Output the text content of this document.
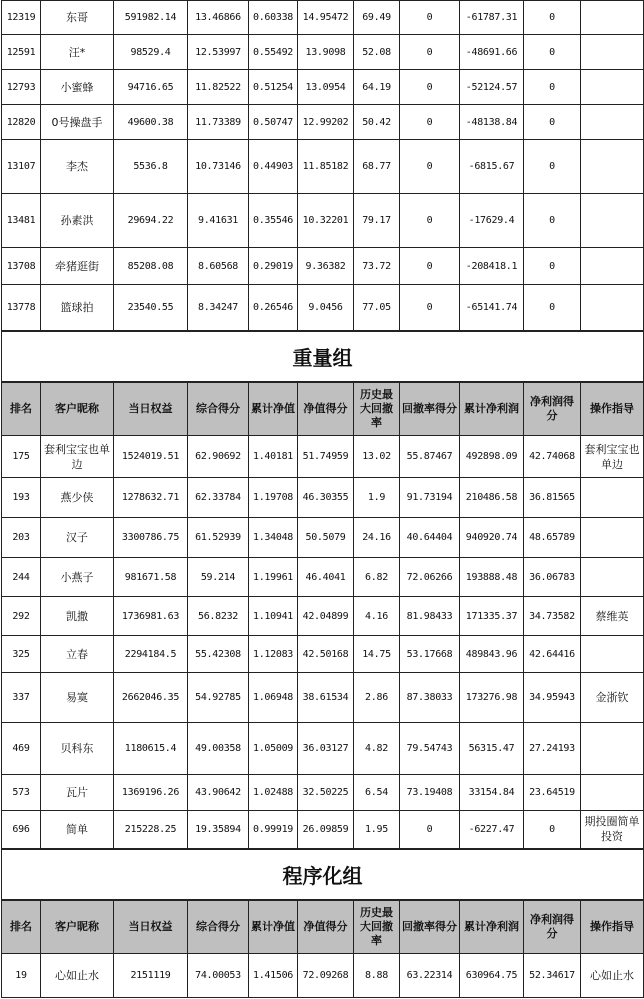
12319	东哥	591982.14	13.46866	0.60338	14.95472	69.49	0	-61787.31	0	
12591	汪*	98529.4	12.53997	0.55492	13.9098	52.08	0	-48691.66	0	
12793	小蜜蜂	94716.65	11.82522	0.51254	13.0954	64.19	0	-52124.57	0	
12820	0号操盘手	49600.38	11.73389	0.50747	12.99202	50.42	0	-48138.84	0	
13107	李杰	5536.8	10.73146	0.44903	11.85182	68.77	0	-6815.67	0	
13481	孙素洪	29694.22	9.41631	0.35546	10.32201	79.17	0	-17629.4	0	
13708	牵猪逛街	85208.08	8.60568	0.29019	9.36382	73.72	0	-208418.1	0	
13778	篮球拍	23540.55	8.34247	0.26546	9.0456	77.05	0	-65141.74	0	
重量组										
排名	客户昵称	当日权益	综合得分	累计净值	净值得分	历史最大回撤率	回撤率得分	累计净利润	净利润得分	操作指导
175	套利宝宝也单边	1524019.51	62.90692	1.40181	51.74959	13.02	55.87467	492898.09	42.74068	套利宝宝也单边
193	燕少侠	1278632.71	62.33784	1.19708	46.30355	1.9	91.73194	210486.58	36.81565	
203	汉子	3300786.75	61.52939	1.34048	50.5079	24.16	40.64404	940920.74	48.65789	
244	小燕子	981671.58	59.214	1.19961	46.4041	6.82	72.06266	193888.48	36.06783	
292	凯撒	1736981.63	56.8232	1.10941	42.04899	4.16	81.98433	171335.37	34.73582	蔡维英
325	立春	2294184.5	55.42308	1.12083	42.50168	14.75	53.17668	489843.96	42.64416	
337	易寞	2662046.35	54.92785	1.06948	38.61534	2.86	87.38033	173276.98	34.95943	金浙钦
469	贝科东	1180615.4	49.00358	1.05009	36.03127	4.82	79.54743	56315.47	27.24193	
573	瓦片	1369196.26	43.90642	1.02488	32.50225	6.54	73.19408	33154.84	23.64519	
696	简单	215228.25	19.35894	0.99919	26.09859	1.95	0	-6227.47	0	期投圈简单投资
程序化组										
排名	客户昵称	当日权益	综合得分	累计净值	净值得分	历史最大回撤率	回撤率得分	累计净利润	净利润得分	操作指导
19	心如止水	2151119	74.00053	1.41506	72.09268	8.88	63.22314	630964.75	52.34617	心如止水
